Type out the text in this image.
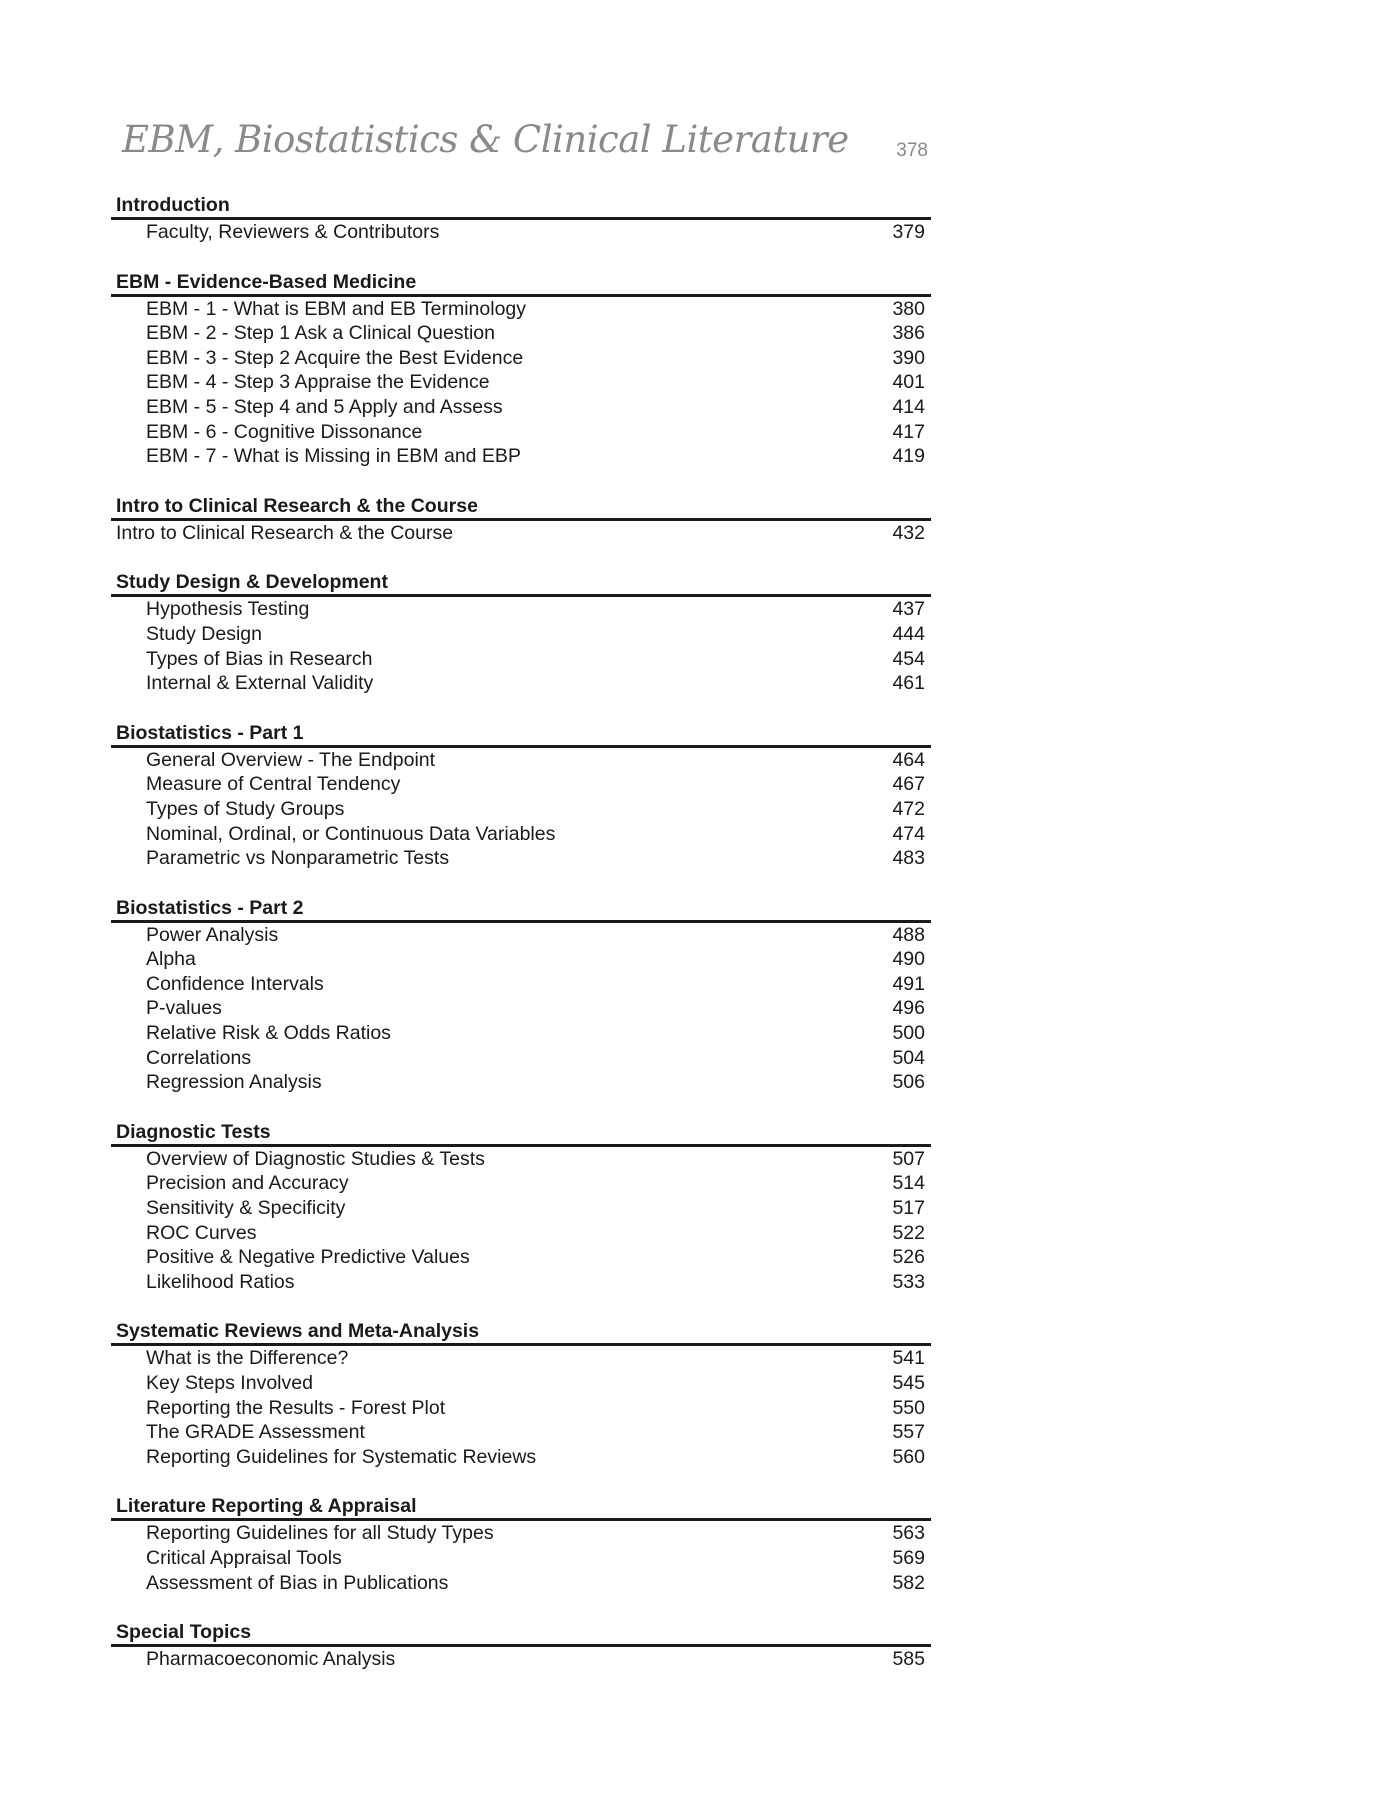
EBM, Biostatistics & Clinical Literature	378
Introduction
Faculty, Reviewers & Contributors	379
EBM - Evidence-Based Medicine
EBM - 1 - What is EBM and EB Terminology	380
EBM - 2 - Step 1 Ask a Clinical Question	386
EBM - 3 - Step 2 Acquire the Best Evidence	390
EBM - 4 - Step 3 Appraise the Evidence	401
EBM - 5 - Step 4 and 5 Apply and Assess	414
EBM - 6 - Cognitive Dissonance	417
EBM - 7 - What is Missing in EBM and EBP	419
Intro to Clinical Research & the Course
Intro to Clinical Research & the Course	432
Study Design & Development
Hypothesis Testing	437
Study Design	444
Types of Bias in Research	454
Internal & External Validity	461
Biostatistics - Part 1
General Overview - The Endpoint	464
Measure of Central Tendency	467
Types of Study Groups	472
Nominal, Ordinal, or Continuous Data Variables	474
Parametric vs Nonparametric Tests	483
Biostatistics - Part 2
Power Analysis	488
Alpha	490
Confidence Intervals	491
P-values	496
Relative Risk & Odds Ratios	500
Correlations	504
Regression Analysis	506
Diagnostic Tests
Overview of Diagnostic Studies & Tests	507
Precision and Accuracy	514
Sensitivity & Specificity	517
ROC Curves	522
Positive & Negative Predictive Values	526
Likelihood Ratios	533
Systematic Reviews and Meta-Analysis
What is the Difference?	541
Key Steps Involved	545
Reporting the Results - Forest Plot	550
The GRADE Assessment	557
Reporting Guidelines for Systematic Reviews	560
Literature Reporting & Appraisal
Reporting Guidelines for all Study Types	563
Critical Appraisal Tools	569
Assessment of Bias in Publications	582
Special Topics
Pharmacoeconomic Analysis	585
